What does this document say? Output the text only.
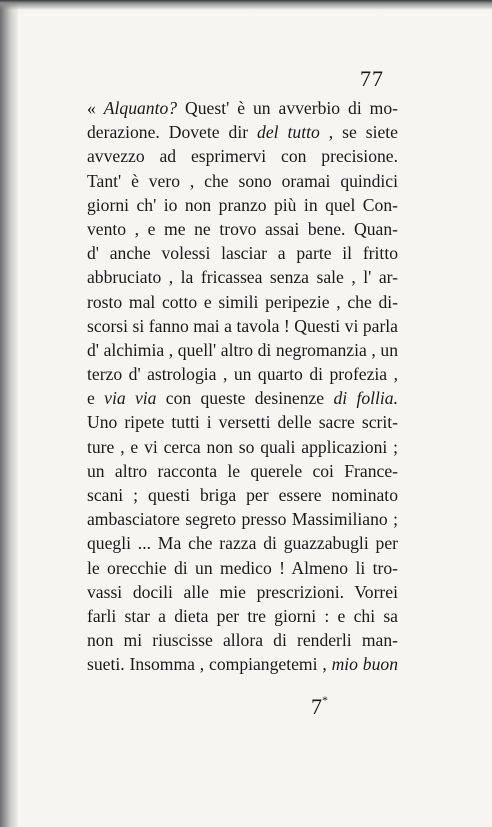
77
« Alquanto? Quest' è un avverbio di mo-
derazione. Dovete dir del tutto , se siete
avvezzo ad esprimervi con precisione.
Tant' è vero , che sono oramai quindici
giorni ch' io non pranzo più in quel Con-
vento , e me ne trovo assai bene. Quan-
d' anche volessi lasciar a parte il fritto
abbruciato , la fricassea senza sale , l' ar-
rosto mal cotto e simili peripezie , che di-
scorsi si fanno mai a tavola ! Questi vi parla
d' alchimia , quell' altro di negromanzia , un
terzo d' astrologia , un quarto di profezia ,
e via via con queste desinenze di follia.
Uno ripete tutti i versetti delle sacre scrit-
ture , e vi cerca non so quali applicazioni ;
un altro racconta le querele coi France-
scani ; questi briga per essere nominato
ambasciatore segreto presso Massimiliano ;
quegli ... Ma che razza di guazzabugli per
le orecchie di un medico ! Almeno li tro-
vassi docili alle mie prescrizioni. Vorrei
farli star a dieta per tre giorni : e chi sa
non mi riuscisse allora di renderli man-
sueti. Insomma , compiangetemi , mio buon
7*
